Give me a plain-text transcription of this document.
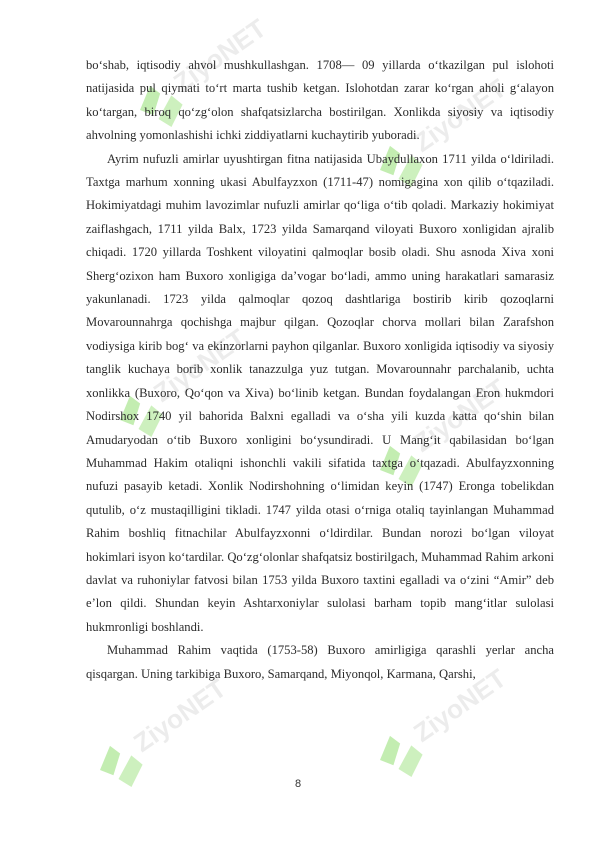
ZiyoNET
ZiyoNET
ZiyoNET
ZiyoNET
ZiyoNET	ZiyoNET

bo‘shab, iqtisodiy ahvol mushkullashgan. 1708— 09 yillarda o‘tkazilgan pul islohoti natijasida pul qiymati to‘rt marta tushib ketgan. Islohotdan zarar ko‘rgan aholi g‘alayon ko‘targan, biroq qo‘zg‘olon shafqatsizlarcha bostirilgan. Xonlikda siyosiy va iqtisodiy ahvolning yomonlashishi ichki ziddiyatlarni kuchaytirib yuboradi.

Ayrim nufuzli amirlar uyushtirgan fitna natijasida Ubaydullaxon 1711 yilda o‘ldiriladi. Taxtga marhum xonning ukasi Abulfayzxon (1711-47) nomigagina xon qilib o‘tqaziladi. Hokimiyatdagi muhim lavozimlar nufuzli amirlar qo‘liga o‘tib qoladi. Markaziy hokimiyat zaiflashgach, 1711 yilda Balx, 1723 yilda Samarqand viloyati Buxoro xonligidan ajralib chiqadi. 1720 yillarda Toshkent viloyatini qalmoqlar bosib oladi. Shu asnoda Xiva xoni Sherg‘ozixon ham Buxoro xonligiga da’vogar bo‘ladi, ammo uning harakatlari samarasiz yakunlanadi. 1723 yilda qalmoqlar qozoq dashtlariga bostirib kirib qozoqlarni Movarounnahrga qochishga majbur qilgan. Qozoqlar chorva mollari bilan Zarafshon vodiysiga kirib bog‘ va ekinzorlarni payhon qilganlar. Buxoro xonligida iqtisodiy va siyosiy tanglik kuchaya borib xonlik tanazzulga yuz tutgan. Movarounnahr parchalanib, uchta xonlikka (Buxoro, Qo‘qon va Xiva) bo‘linib ketgan. Bundan foydalangan Eron hukmdori Nodirshox 1740 yil bahorida Balxni egalladi va o‘sha yili kuzda katta qo‘shin bilan Amudaryodan o‘tib Buxoro xonligini bo‘ysundiradi. U Mang‘it qabilasidan bo‘lgan Muhammad Hakim otaliqni ishonchli vakili sifatida taxtga o‘tqazadi. Abulfayzxonning nufuzi pasayib ketadi. Xonlik Nodirshohning o‘limidan keyin (1747) Eronga tobelikdan qutulib, o‘z mustaqilligini tikladi. 1747 yilda otasi o‘rniga otaliq tayinlangan Muhammad Rahim boshliq fitnachilar Abulfayzxonni o‘ldirdilar. Bundan norozi bo‘lgan viloyat hokimlari isyon ko‘tardilar. Qo‘zg‘olonlar shafqatsiz bostirilgach, Muhammad Rahim arkoni davlat va ruhoniylar fatvosi bilan 1753 yilda Buxoro taxtini egalladi va o‘zini “Amir” deb e’lon qildi. Shundan keyin Ashtarxoniylar sulolasi barham topib mang‘itlar sulolasi hukmronligi boshlandi.

Muhammad Rahim vaqtida (1753-58) Buxoro amirligiga qarashli yerlar ancha qisqargan. Uning tarkibiga Buxoro, Samarqand, Miyonqol, Karmana, Qarshi,

8
